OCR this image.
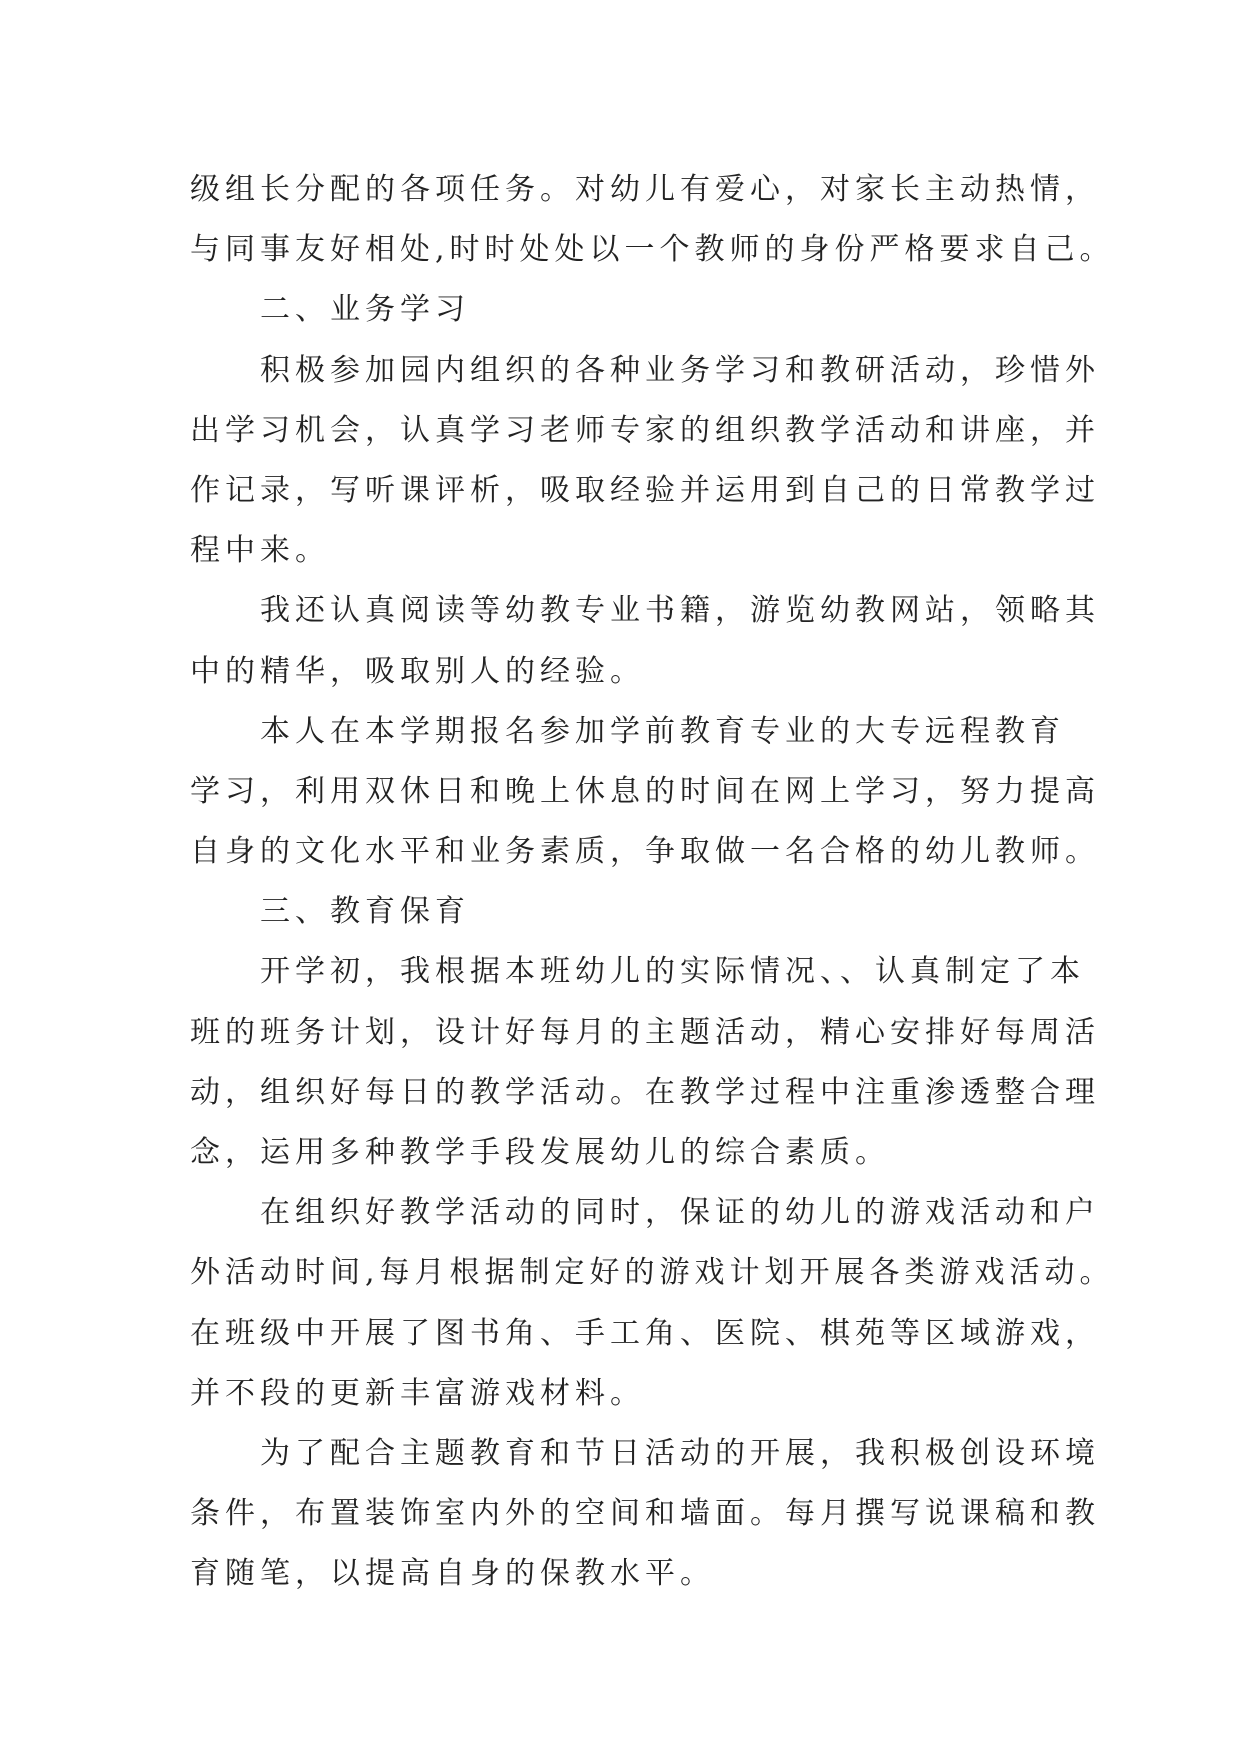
级组长分配的各项任务。对幼儿有爱心，对家长主动热情，
与同事友好相处,时时处处以一个教师的身份严格要求自己。
二、业务学习
积极参加园内组织的各种业务学习和教研活动，珍惜外
出学习机会，认真学习老师专家的组织教学活动和讲座，并
作记录，写听课评析，吸取经验并运用到自己的日常教学过
程中来。
我还认真阅读等幼教专业书籍，游览幼教网站，领略其
中的精华，吸取别人的经验。
本人在本学期报名参加学前教育专业的大专远程教育
学习，利用双休日和晚上休息的时间在网上学习，努力提高
自身的文化水平和业务素质，争取做一名合格的幼儿教师。
三、教育保育
开学初，我根据本班幼儿的实际情况、、认真制定了本
班的班务计划，设计好每月的主题活动，精心安排好每周活
动，组织好每日的教学活动。在教学过程中注重渗透整合理
念，运用多种教学手段发展幼儿的综合素质。
在组织好教学活动的同时，保证的幼儿的游戏活动和户
外活动时间,每月根据制定好的游戏计划开展各类游戏活动。
在班级中开展了图书角、手工角、医院、棋苑等区域游戏，
并不段的更新丰富游戏材料。
为了配合主题教育和节日活动的开展，我积极创设环境
条件，布置装饰室内外的空间和墙面。每月撰写说课稿和教
育随笔，以提高自身的保教水平。
